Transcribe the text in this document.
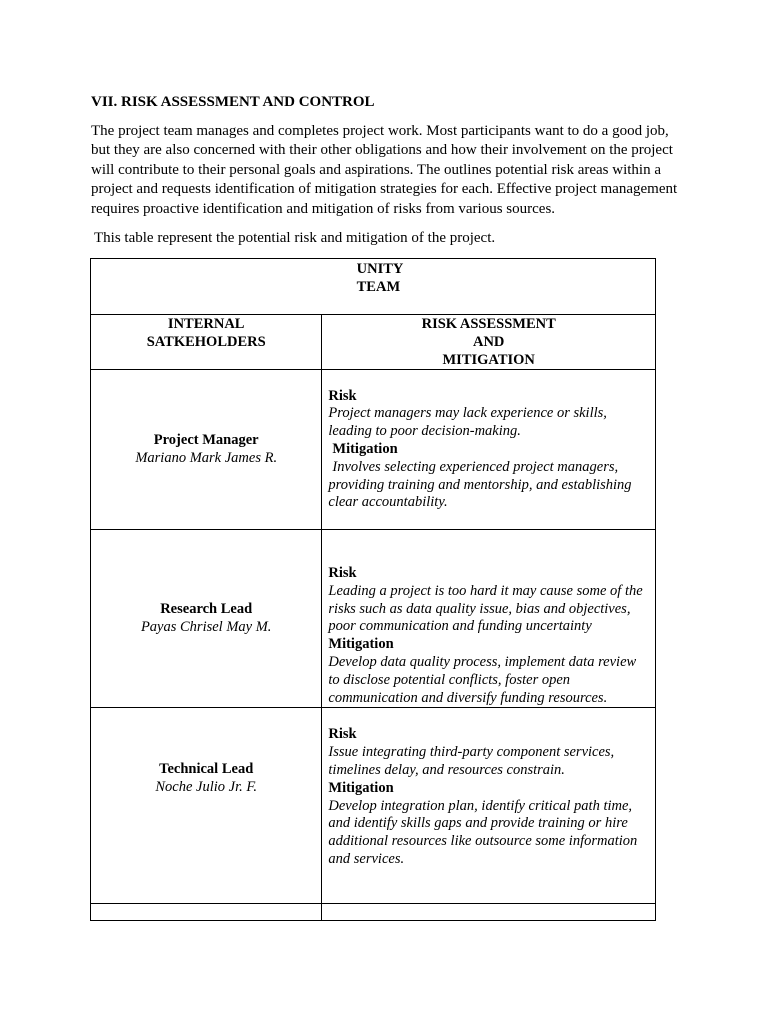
VII. RISK ASSESSMENT AND CONTROL

The project team manages and completes project work. Most participants want to do a good job, but they are also concerned with their other obligations and how their involvement on the project will contribute to their personal goals and aspirations. The outlines potential risk areas within a project and requests identification of mitigation strategies for each. Effective project management requires proactive identification and mitigation of risks from various sources.

This table represent the potential risk and mitigation of the project.

UNITY
TEAM	
INTERNAL
SATKEHOLDERS	RISK ASSESSMENT
AND
MITIGATION

Project Manager
Mariano Mark James R.	Risk
Project managers may lack experience or skills, leading to poor decision-making.
Mitigation
Involves selecting experienced project managers, providing training and mentorship, and establishing clear accountability.

Research Lead
Payas Chrisel May M.	Risk
Leading a project is too hard it may cause some of the risks such as data quality issue, bias and objectives, poor communication and funding uncertainty
Mitigation
Develop data quality process, implement data review to disclose potential conflicts, foster open communication and diversify funding resources.

Technical Lead
Noche Julio Jr. F.	Risk
Issue integrating third-party component services, timelines delay, and resources constrain.
Mitigation
Develop integration plan, identify critical path time, and identify skills gaps and provide training or hire additional resources like outsource some information and services.
